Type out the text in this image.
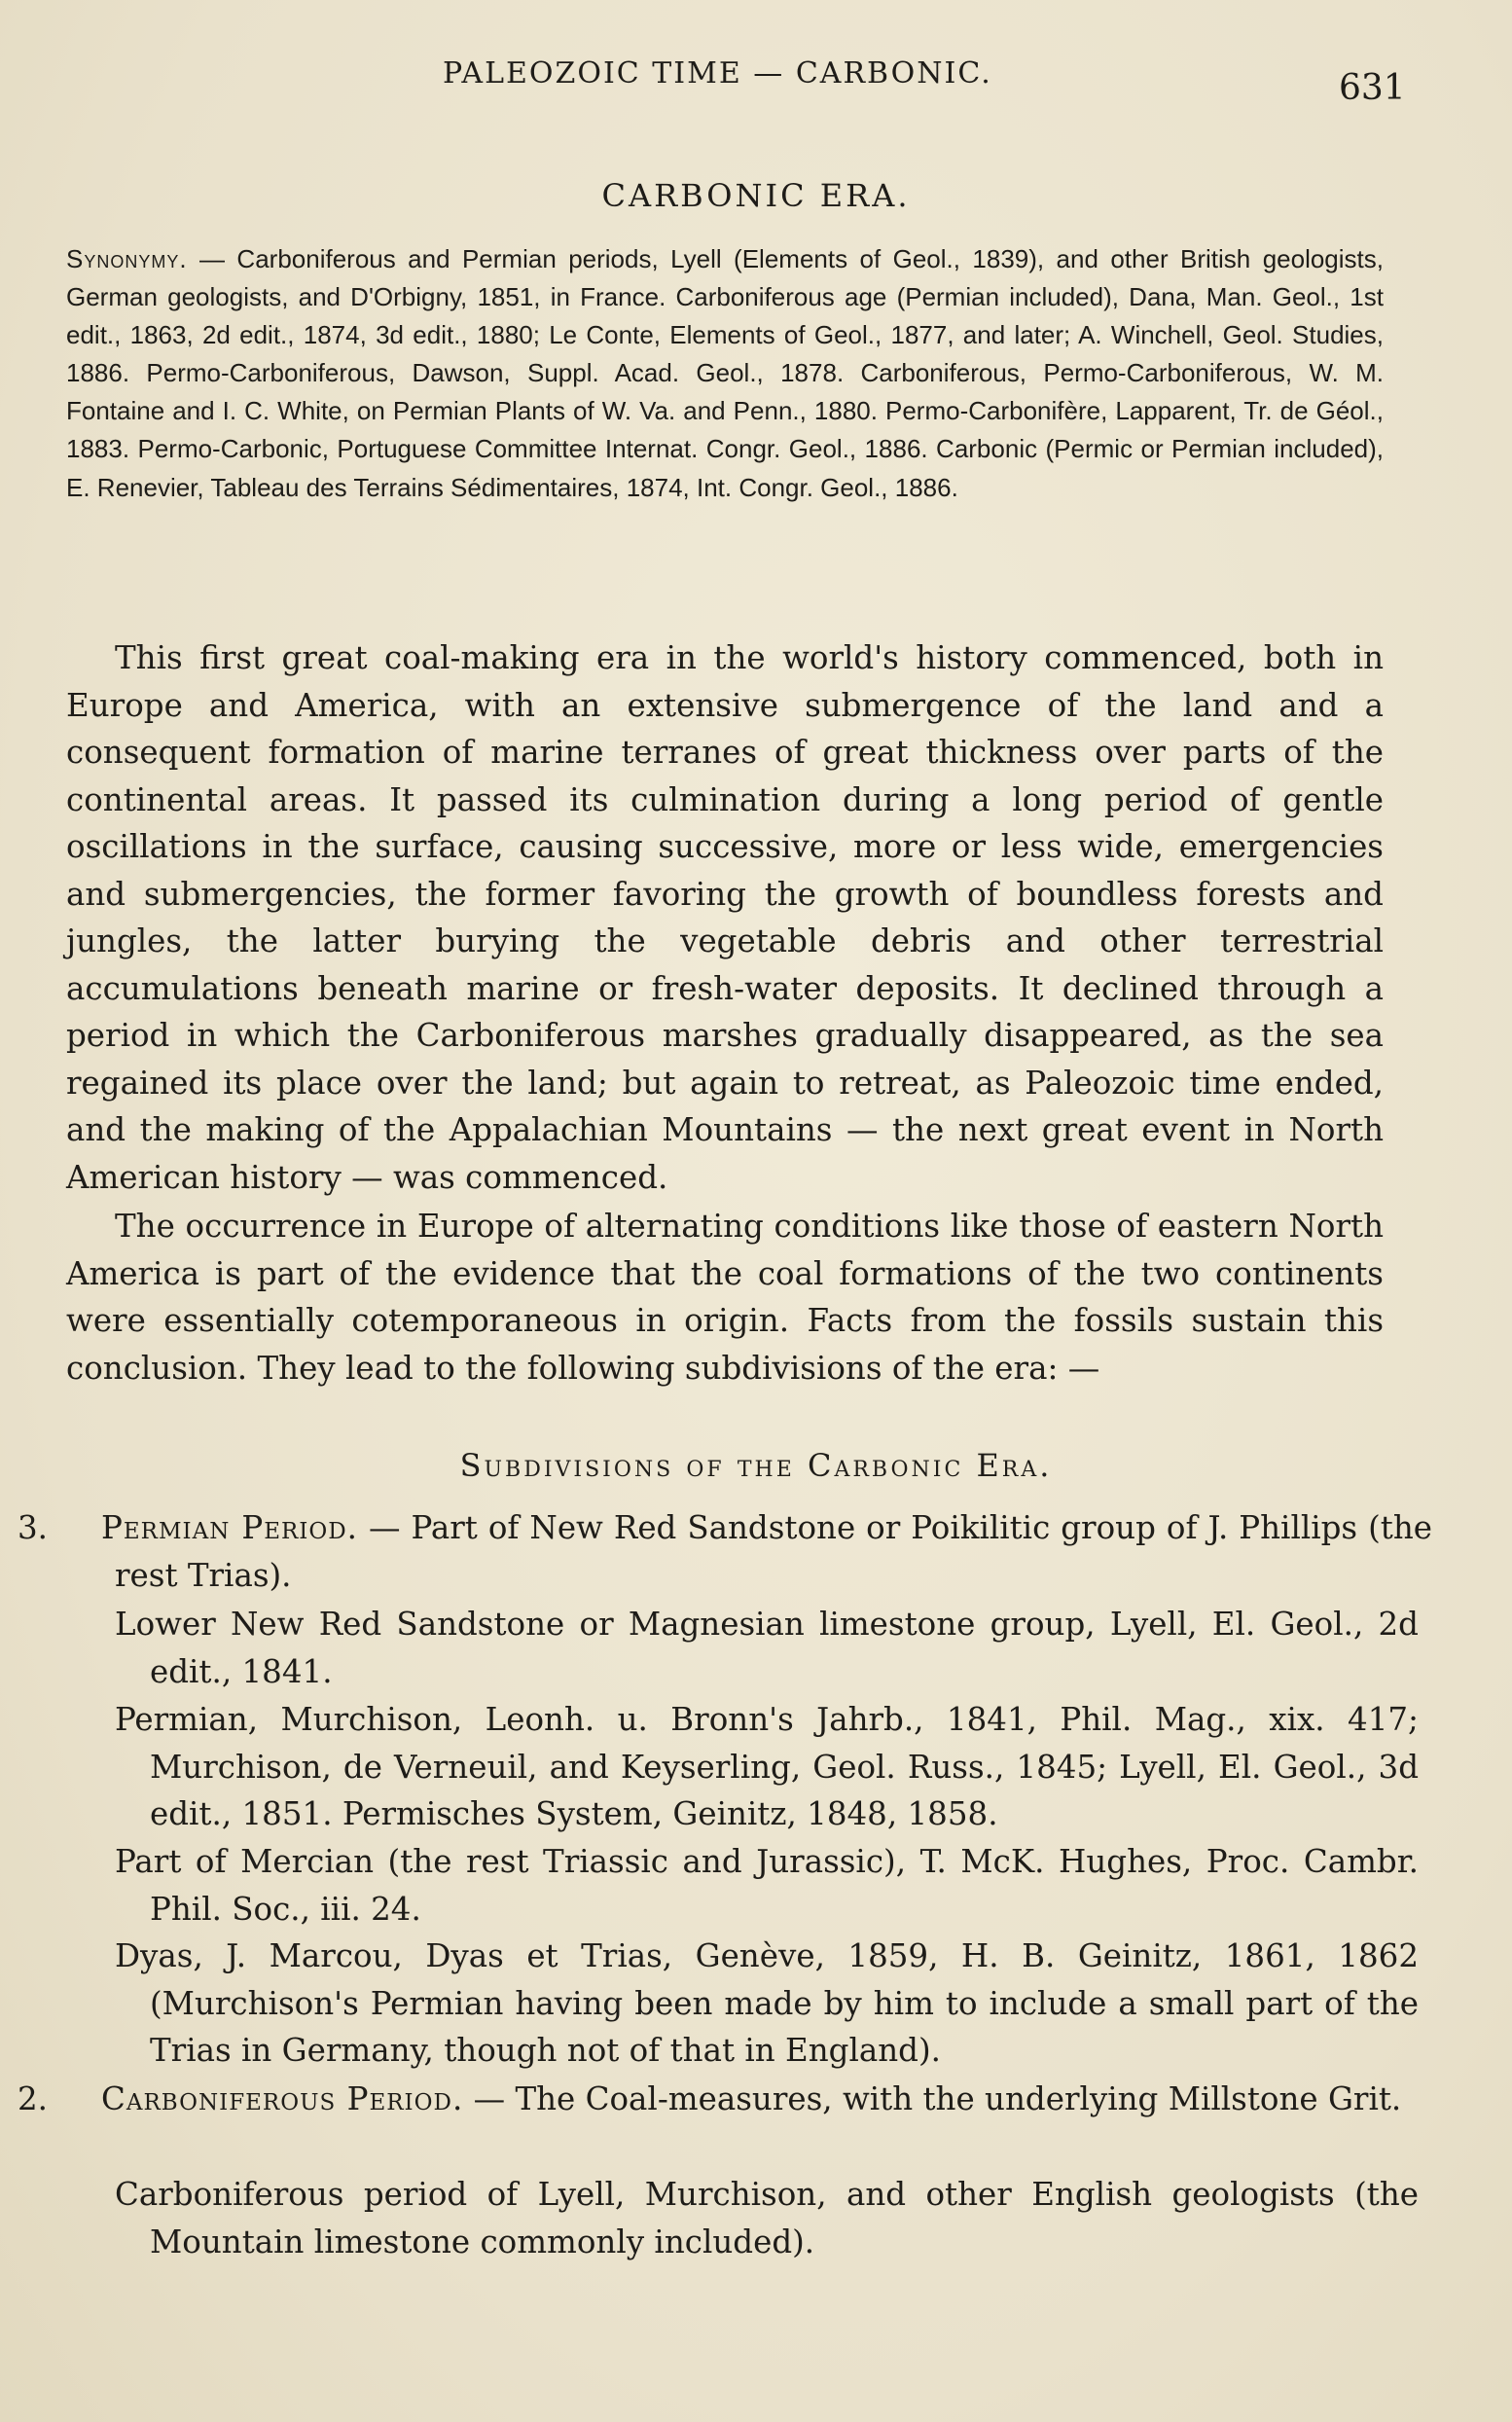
PALEOZOIC TIME — CARBONIC.	631
CARBONIC ERA.
Synonymy. — Carboniferous and Permian periods, Lyell (Elements of Geol., 1839), and other British geologists, German geologists, and D'Orbigny, 1851, in France. Carboniferous age (Permian included), Dana, Man. Geol., 1st edit., 1863, 2d edit., 1874, 3d edit., 1880; Le Conte, Elements of Geol., 1877, and later; A. Winchell, Geol. Studies, 1886. Permo-Carboniferous, Dawson, Suppl. Acad. Geol., 1878. Carboniferous, Permo-Carboniferous, W. M. Fontaine and I. C. White, on Permian Plants of W. Va. and Penn., 1880. Permo-Carbonifère, Lapparent, Tr. de Géol., 1883. Permo-Carbonic, Portuguese Committee Internat. Congr. Geol., 1886. Carbonic (Permic or Permian included), E. Renevier, Tableau des Terrains Sédimentaires, 1874, Int. Congr. Geol., 1886.

This first great coal-making era in the world's history commenced, both in Europe and America, with an extensive submergence of the land and a consequent formation of marine terranes of great thickness over parts of the continental areas. It passed its culmination during a long period of gentle oscillations in the surface, causing successive, more or less wide, emergencies and submergencies, the former favoring the growth of boundless forests and jungles, the latter burying the vegetable debris and other terrestrial accumulations beneath marine or fresh-water deposits. It declined through a period in which the Carboniferous marshes gradually disappeared, as the sea regained its place over the land; but again to retreat, as Paleozoic time ended, and the making of the Appalachian Mountains — the next great event in North American history — was commenced.

The occurrence in Europe of alternating conditions like those of eastern North America is part of the evidence that the coal formations of the two continents were essentially cotemporaneous in origin. Facts from the fossils sustain this conclusion. They lead to the following subdivisions of the era: —

Subdivisions of the Carbonic Era.

3. Permian Period. — Part of New Red Sandstone or Poikilitic group of J. Phillips (the rest Trias).

Lower New Red Sandstone or Magnesian limestone group, Lyell, El. Geol., 2d edit., 1841.

Permian, Murchison, Leonh. u. Bronn's Jahrb., 1841, Phil. Mag., xix. 417; Murchison, de Verneuil, and Keyserling, Geol. Russ., 1845; Lyell, El. Geol., 3d edit., 1851. Permisches System, Geinitz, 1848, 1858.

Part of Mercian (the rest Triassic and Jurassic), T. McK. Hughes, Proc. Cambr. Phil. Soc., iii. 24.

Dyas, J. Marcou, Dyas et Trias, Genève, 1859, H. B. Geinitz, 1861, 1862 (Murchison's Permian having been made by him to include a small part of the Trias in Germany, though not of that in England).

2. Carboniferous Period. — The Coal-measures, with the underlying Millstone Grit.

Carboniferous period of Lyell, Murchison, and other English geologists (the Mountain limestone commonly included).
